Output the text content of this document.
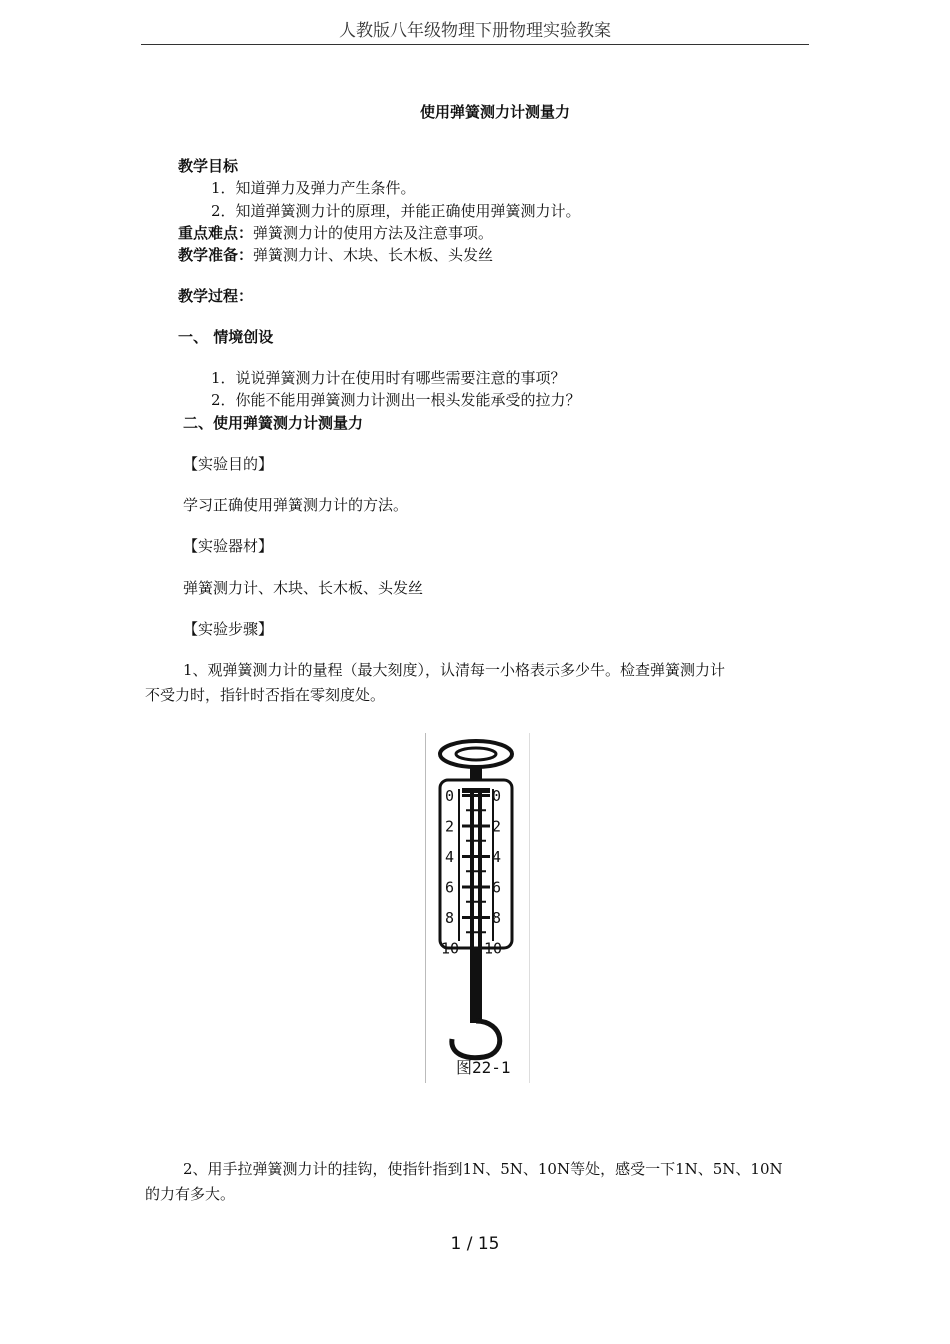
人教版八年级物理下册物理实验教案
使用弹簧测力计测量力
教学目标
1．知道弹力及弹力产生条件。
2．知道弹簧测力计的原理，并能正确使用弹簧测力计。
重点难点：弹簧测力计的使用方法及注意事项。
教学准备：弹簧测力计、木块、长木板、头发丝
教学过程：
一、 情境创设
1．说说弹簧测力计在使用时有哪些需要注意的事项？
2．你能不能用弹簧测力计测出一根头发能承受的拉力？
二、使用弹簧测力计测量力
【实验目的】
学习正确使用弹簧测力计的方法。
【实验器材】
弹簧测力计、木块、长木板、头发丝
【实验步骤】
1、观弹簧测力计的量程（最大刻度），认清每一小格表示多少牛。检查弹簧测力计
不受力时，指针时否指在零刻度处。
0	0
2	2
4	4
6	6
8	8
10 10
图22-1
2、用手拉弹簧测力计的挂钩，使指针指到1N、5N、10N等处，感受一下1N、5N、10N
的力有多大。
1 / 15
